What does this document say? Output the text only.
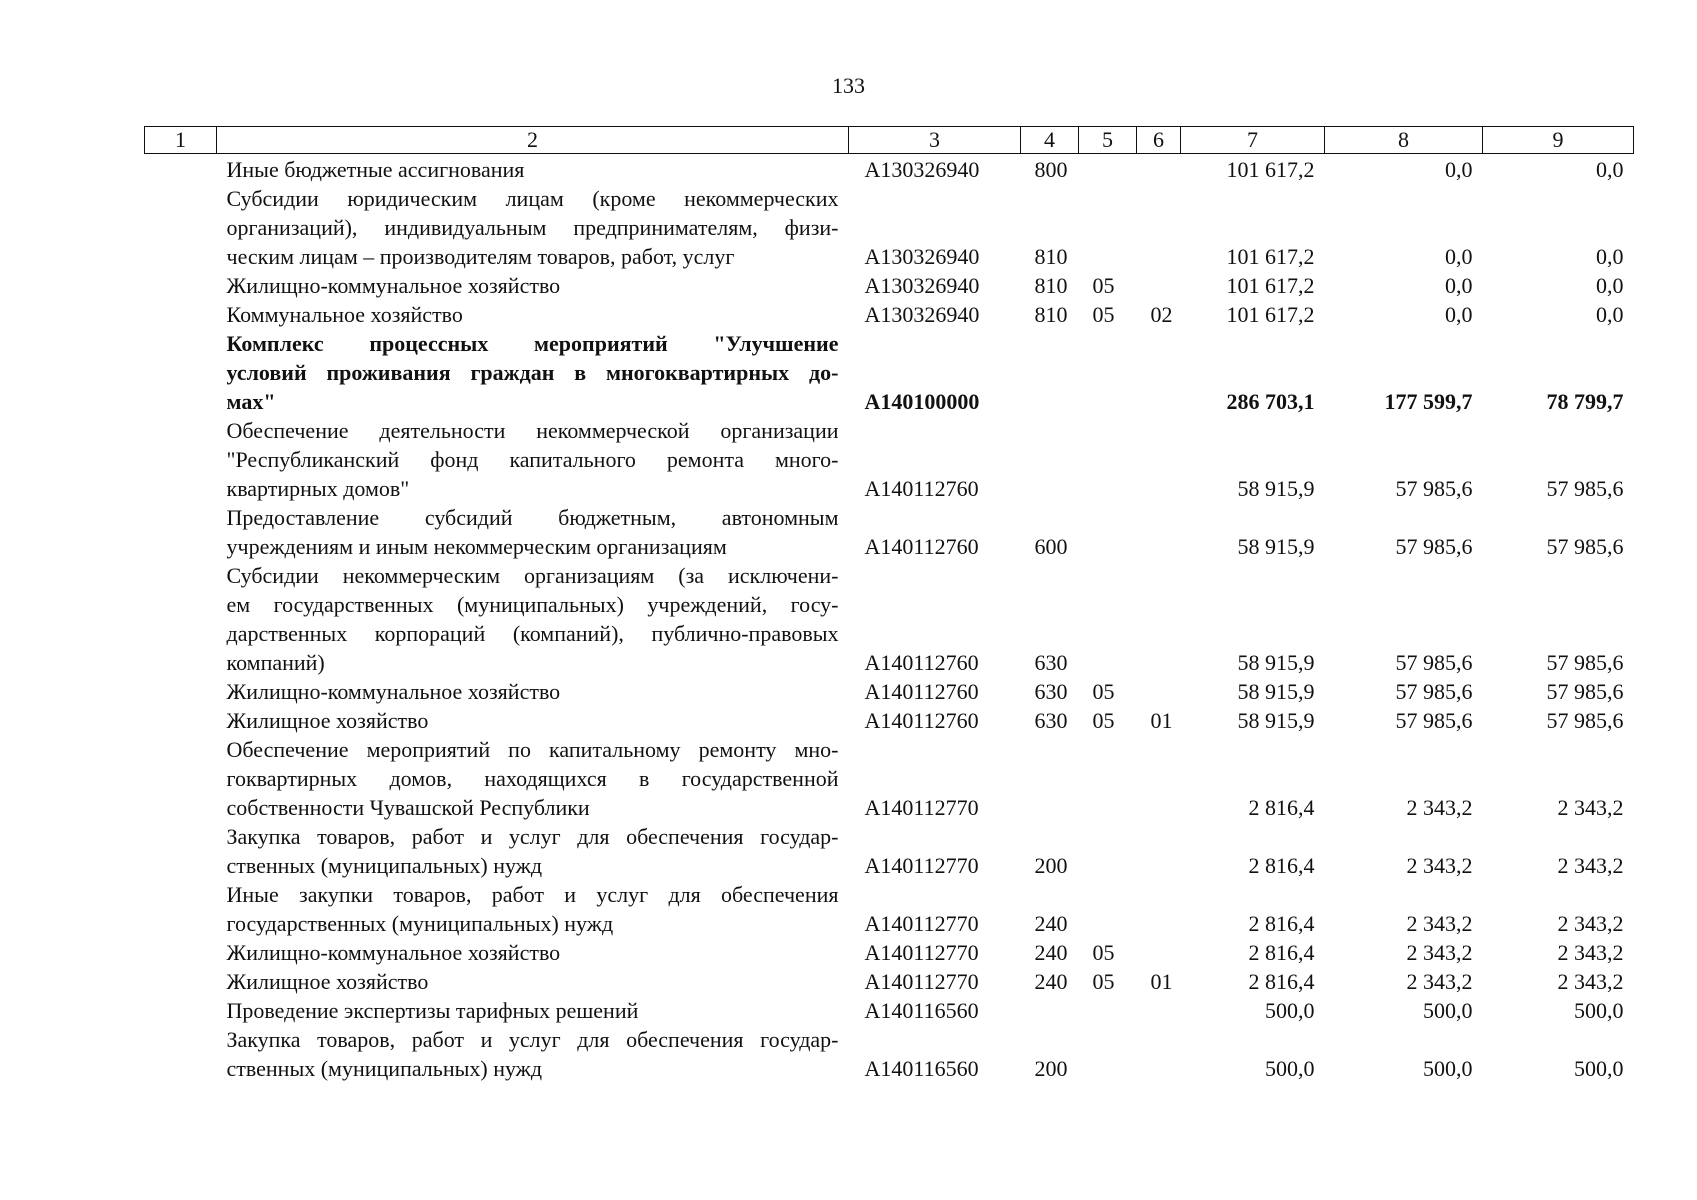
133
1	2	3	4	5	6	7	8	9

	Иные бюджетные ассигнования	А130326940	800			101 617,2	0,0	0,0

	Субсидии юридическим лицам (кроме некоммерческих
организаций), индивидуальным предпринимателям, физи-
ческим лицам – производителям товаров, работ, услуг	А130326940	810			101 617,2	0,0	0,0

	Жилищно-коммунальное хозяйство	А130326940	810	05		101 617,2	0,0	0,0

	Коммунальное хозяйство	А130326940	810	05	02	101 617,2	0,0	0,0

	Комплекс процессных мероприятий "Улучшение
условий проживания граждан в многоквартирных до-
мах"	А140100000				286 703,1	177 599,7	78 799,7

	Обеспечение деятельности некоммерческой организации
"Республиканский фонд капитального ремонта много-
квартирных домов"	А140112760				58 915,9	57 985,6	57 985,6

	Предоставление субсидий бюджетным, автономным
учреждениям и иным некоммерческим организациям	А140112760	600			58 915,9	57 985,6	57 985,6

	Субсидии некоммерческим организациям (за исключени-
ем государственных (муниципальных) учреждений, госу-
дарственных корпораций (компаний), публично-правовых
компаний)	А140112760	630			58 915,9	57 985,6	57 985,6

	Жилищно-коммунальное хозяйство	А140112760	630	05		58 915,9	57 985,6	57 985,6

	Жилищное хозяйство	А140112760	630	05	01	58 915,9	57 985,6	57 985,6

	Обеспечение мероприятий по капитальному ремонту мно-
гоквартирных домов, находящихся в государственной
собственности Чувашской Республики	А140112770				2 816,4	2 343,2	2 343,2

	Закупка товаров, работ и услуг для обеспечения государ-
ственных (муниципальных) нужд	А140112770	200			2 816,4	2 343,2	2 343,2

	Иные закупки товаров, работ и услуг для обеспечения
государственных (муниципальных) нужд	А140112770	240			2 816,4	2 343,2	2 343,2

	Жилищно-коммунальное хозяйство	А140112770	240	05		2 816,4	2 343,2	2 343,2

	Жилищное хозяйство	А140112770	240	05	01	2 816,4	2 343,2	2 343,2

	Проведение экспертизы тарифных решений	А140116560				500,0	500,0	500,0

	Закупка товаров, работ и услуг для обеспечения государ-
ственных (муниципальных) нужд	А140116560	200			500,0	500,0	500,0
